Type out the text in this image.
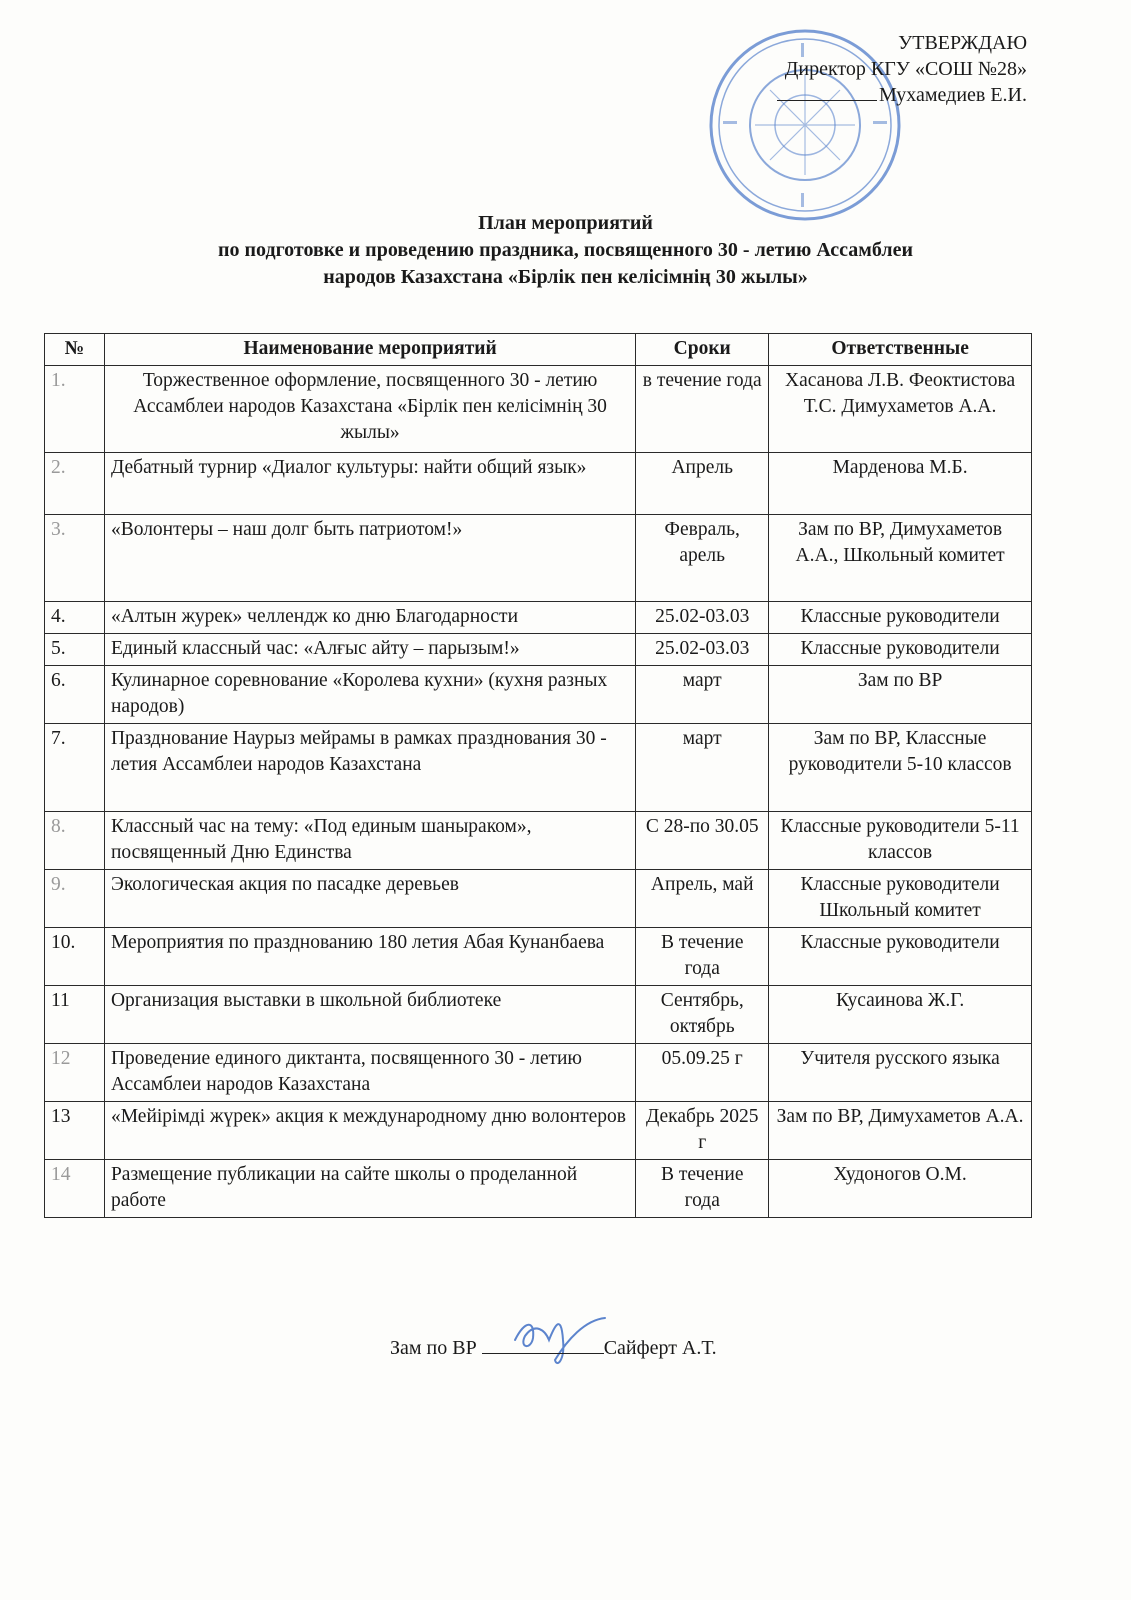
УТВЕРЖДАЮ
Директор КГУ «СОШ №28»
Мухамедиев Е.И.
План мероприятий
по подготовке и проведению праздника, посвященного 30 - летию Ассамблеи
народов Казахстана «Бірлік пен келісімнің 30 жылы»
№	Наименование мероприятий	Сроки	Ответственные
1.	Торжественное оформление, посвященного 30 - летию Ассамблеи народов Казахстана «Бірлік пен келісімнің 30 жылы»	в течение года	Хасанова Л.В. Феоктистова Т.С. Димухаметов А.А.
2.	Дебатный турнир «Диалог культуры: найти общий язык»	Апрель	Марденова М.Б.
3.	«Волонтеры – наш долг быть патриотом!»	Февраль, арель	Зам по ВР, Димухаметов А.А., Школьный комитет
4.	«Алтын журек» челлендж ко дню Благодарности	25.02-03.03	Классные руководители
5.	Единый классный час: «Алғыс айту – парызым!»	25.02-03.03	Классные руководители
6.	Кулинарное соревнование «Королева кухни» (кухня разных народов)	март	Зам по ВР
7.	Празднование Наурыз мейрамы в рамках празднования 30 - летия Ассамблеи народов Казахстана	март	Зам по ВР, Классные руководители 5-10 классов
8.	Классный час на тему: «Под единым шаныраком», посвященный Дню Единства	С 28-по 30.05	Классные руководители 5-11 классов
9.	Экологическая акция по пасадке деревьев	Апрель, май	Классные руководители Школьный комитет
10.	Мероприятия по празднованию 180 летия Абая Кунанбаева	В течение года	Классные руководители
11	Организация выставки в школьной библиотеке	Сентябрь, октябрь	Кусаинова Ж.Г.
12	Проведение единого диктанта, посвященного 30 - летию Ассамблеи народов Казахстана	05.09.25 г	Учителя русского языка
13	«Мейірімді жүрек» акция к международному дню волонтеров	Декабрь 2025 г	Зам по ВР, Димухаметов А.А.
14	Размещение публикации на сайте школы о проделанной работе	В течение года	Худоногов О.М.
Зам по ВР	Сайферт А.Т.
